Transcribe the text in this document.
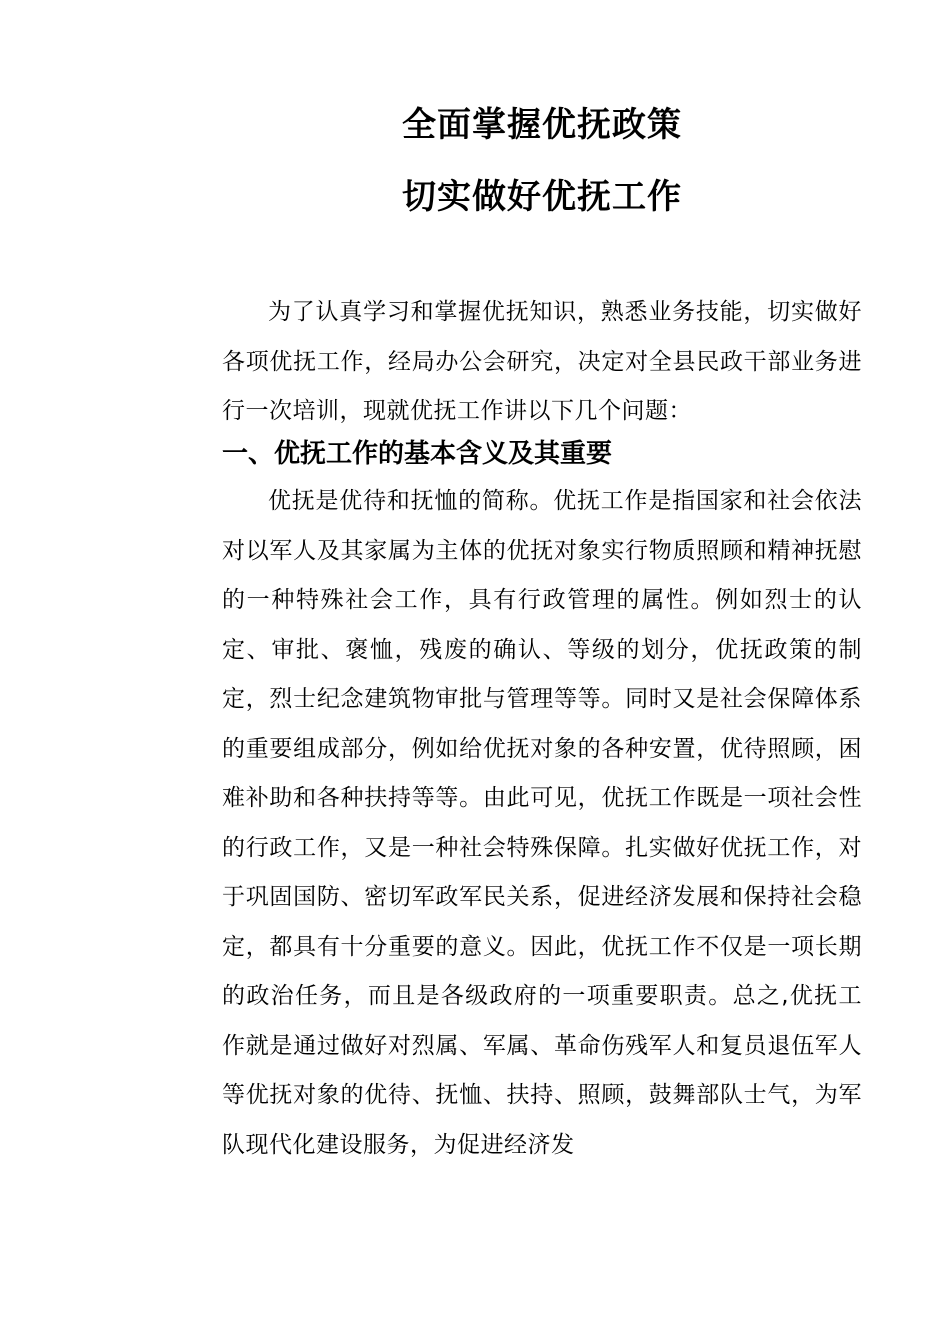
全面掌握优抚政策
切实做好优抚工作

为了认真学习和掌握优抚知识，熟悉业务技能，切实做好各项优抚工作，经局办公会研究，决定对全县民政干部业务进行一次培训，现就优抚工作讲以下几个问题：

一、优抚工作的基本含义及其重要

优抚是优待和抚恤的简称。优抚工作是指国家和社会依法对以军人及其家属为主体的优抚对象实行物质照顾和精神抚慰的一种特殊社会工作，具有行政管理的属性。例如烈士的认定、审批、褒恤，残废的确认、等级的划分，优抚政策的制定，烈士纪念建筑物审批与管理等等。同时又是社会保障体系的重要组成部分，例如给优抚对象的各种安置，优待照顾，困难补助和各种扶持等等。由此可见，优抚工作既是一项社会性的行政工作，又是一种社会特殊保障。扎实做好优抚工作，对于巩固国防、密切军政军民关系，促进经济发展和保持社会稳定，都具有十分重要的意义。因此，优抚工作不仅是一项长期的政治任务，而且是各级政府的一项重要职责。总之,优抚工作就是通过做好对烈属、军属、革命伤残军人和复员退伍军人等优抚对象的优待、抚恤、扶持、照顾，鼓舞部队士气，为军队现代化建设服务，为促进经济发
